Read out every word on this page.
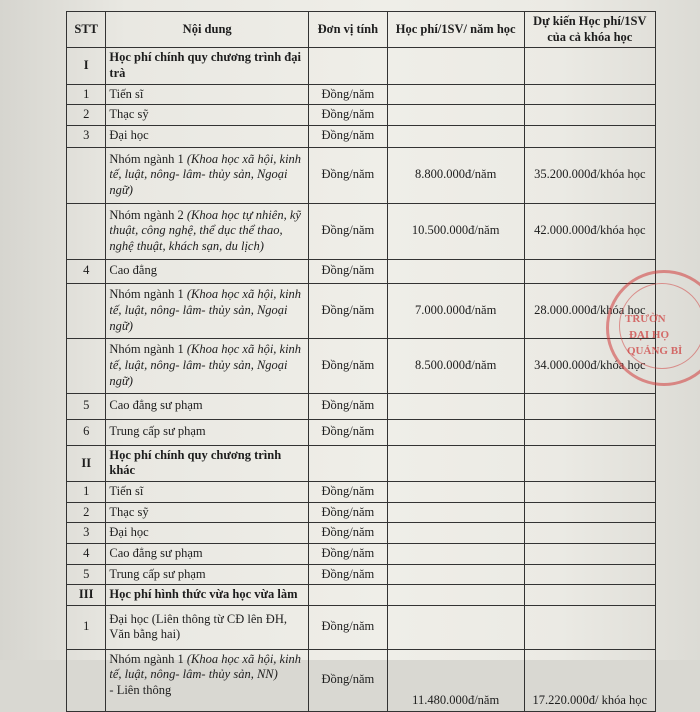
STT	Nội dung	Đơn vị tính	Học phí/1SV/ năm học	Dự kiến Học phí/1SV của cả khóa học
I	Học phí chính quy chương trình đại trà			
1	Tiến sĩ	Đồng/năm		
2	Thạc sỹ	Đồng/năm		
3	Đại học	Đồng/năm		
	Nhóm ngành 1 (Khoa học xã hội, kinh tế, luật, nông- lâm- thủy sản, Ngoại ngữ)	Đồng/năm	8.800.000đ/năm	35.200.000đ/khóa học
	Nhóm ngành 2 (Khoa học tự nhiên, kỹ thuật, công nghệ, thể dục thể thao, nghệ thuật, khách sạn, du lịch)	Đồng/năm	10.500.000đ/năm	42.000.000đ/khóa học
4	Cao đẳng	Đồng/năm		
	Nhóm ngành 1 (Khoa học xã hội, kinh tế, luật, nông- lâm- thủy sản, Ngoại ngữ)	Đồng/năm	7.000.000đ/năm	28.000.000đ/khóa học
	Nhóm ngành 1 (Khoa học xã hội, kinh tế, luật, nông- lâm- thủy sản, Ngoại ngữ)	Đồng/năm	8.500.000đ/năm	34.000.000đ/khóa học
5	Cao đẳng sư phạm	Đồng/năm		
6	Trung cấp sư phạm	Đồng/năm		
II	Học phí chính quy chương trình khác			
1	Tiến sĩ	Đồng/năm		
2	Thạc sỹ	Đồng/năm		
3	Đại học	Đồng/năm		
4	Cao đẳng sư phạm	Đồng/năm		
5	Trung cấp sư phạm	Đồng/năm		
III	Học phí hình thức vừa học vừa làm			
1	Đại học (Liên thông từ CĐ lên ĐH, Văn bằng hai)	Đồng/năm		
	Nhóm ngành 1 (Khoa học xã hội, kinh tế, luật, nông- lâm- thủy sản, NN)
- Liên thông	Đồng/năm	11.480.000đ/năm	17.220.000đ/ khóa học
TRƯỜN
ĐẠI HỌ
QUẢNG BÌ
